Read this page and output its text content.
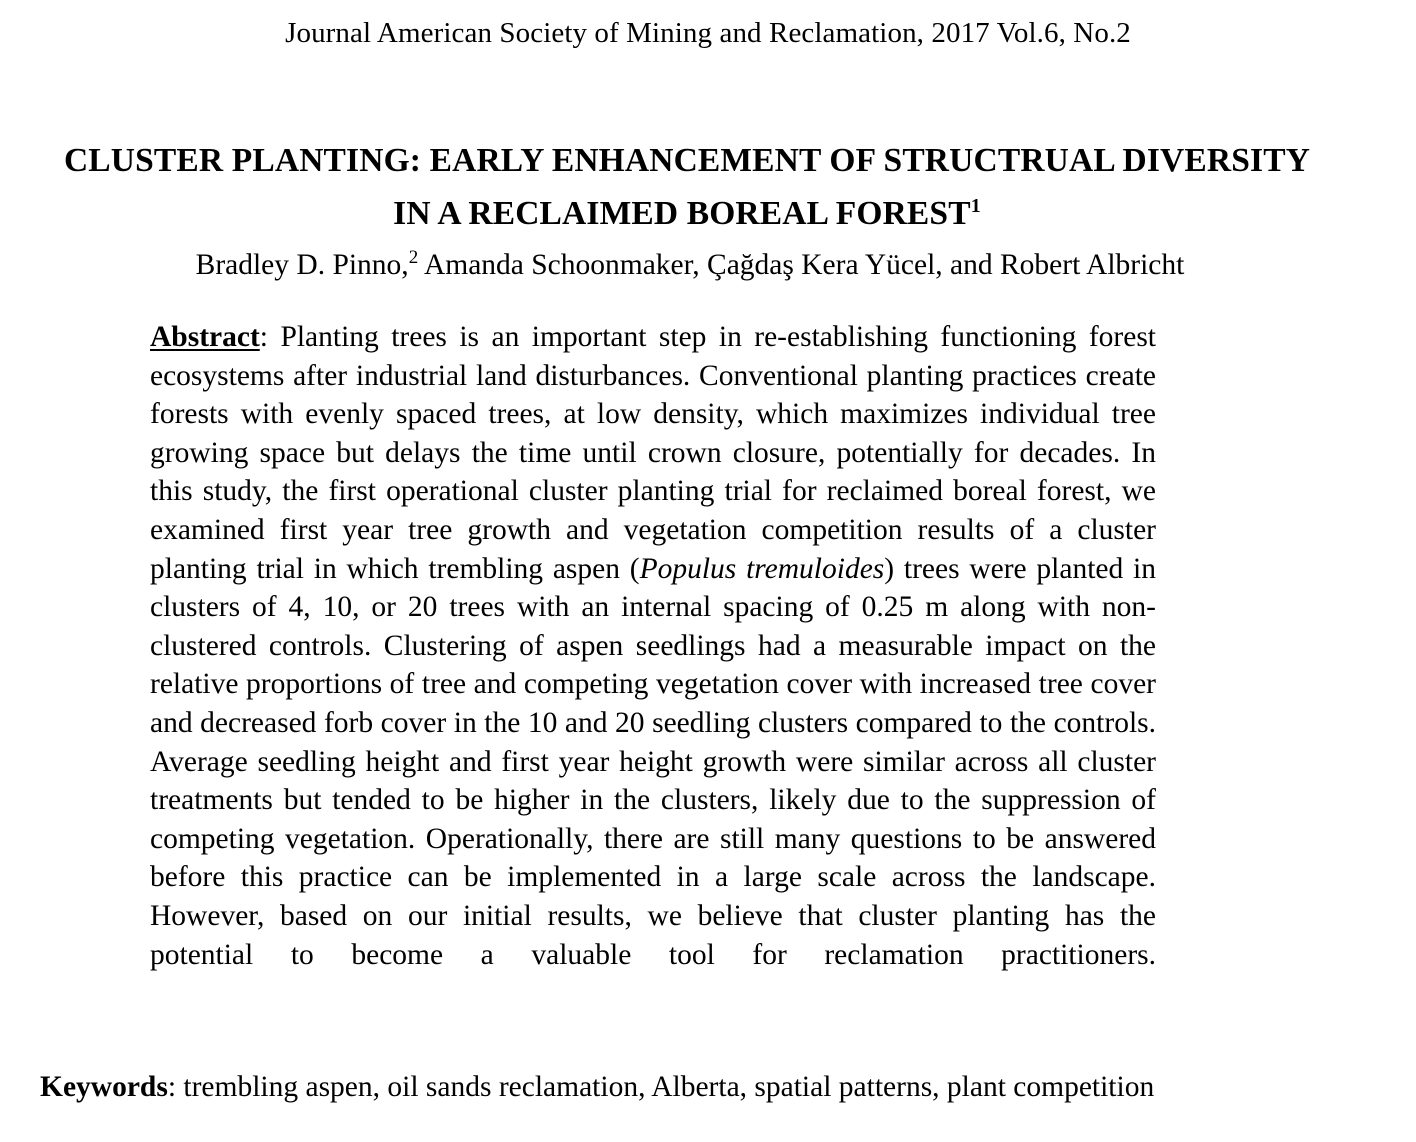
Journal American Society of Mining and Reclamation, 2017 Vol.6, No.2
CLUSTER PLANTING: EARLY ENHANCEMENT OF STRUCTRUAL DIVERSITY IN A RECLAIMED BOREAL FOREST$^1$
Bradley D. Pinno,$^2$ Amanda Schoonmaker, Çağdaş Kera Yücel, and Robert Albricht
Abstract: Planting trees is an important step in re-establishing functioning forest ecosystems after industrial land disturbances. Conventional planting practices create forests with evenly spaced trees, at low density, which maximizes individual tree growing space but delays the time until crown closure, potentially for decades. In this study, the first operational cluster planting trial for reclaimed boreal forest, we examined first year tree growth and vegetation competition results of a cluster planting trial in which trembling aspen (Populus tremuloides) trees were planted in clusters of 4, 10, or 20 trees with an internal spacing of 0.25 m along with non-clustered controls. Clustering of aspen seedlings had a measurable impact on the relative proportions of tree and competing vegetation cover with increased tree cover and decreased forb cover in the 10 and 20 seedling clusters compared to the controls. Average seedling height and first year height growth were similar across all cluster treatments but tended to be higher in the clusters, likely due to the suppression of competing vegetation. Operationally, there are still many questions to be answered before this practice can be implemented in a large scale across the landscape. However, based on our initial results, we believe that cluster planting has the potential to become a valuable tool for reclamation practitioners.
Keywords: trembling aspen, oil sands reclamation, Alberta, spatial patterns, plant competition
